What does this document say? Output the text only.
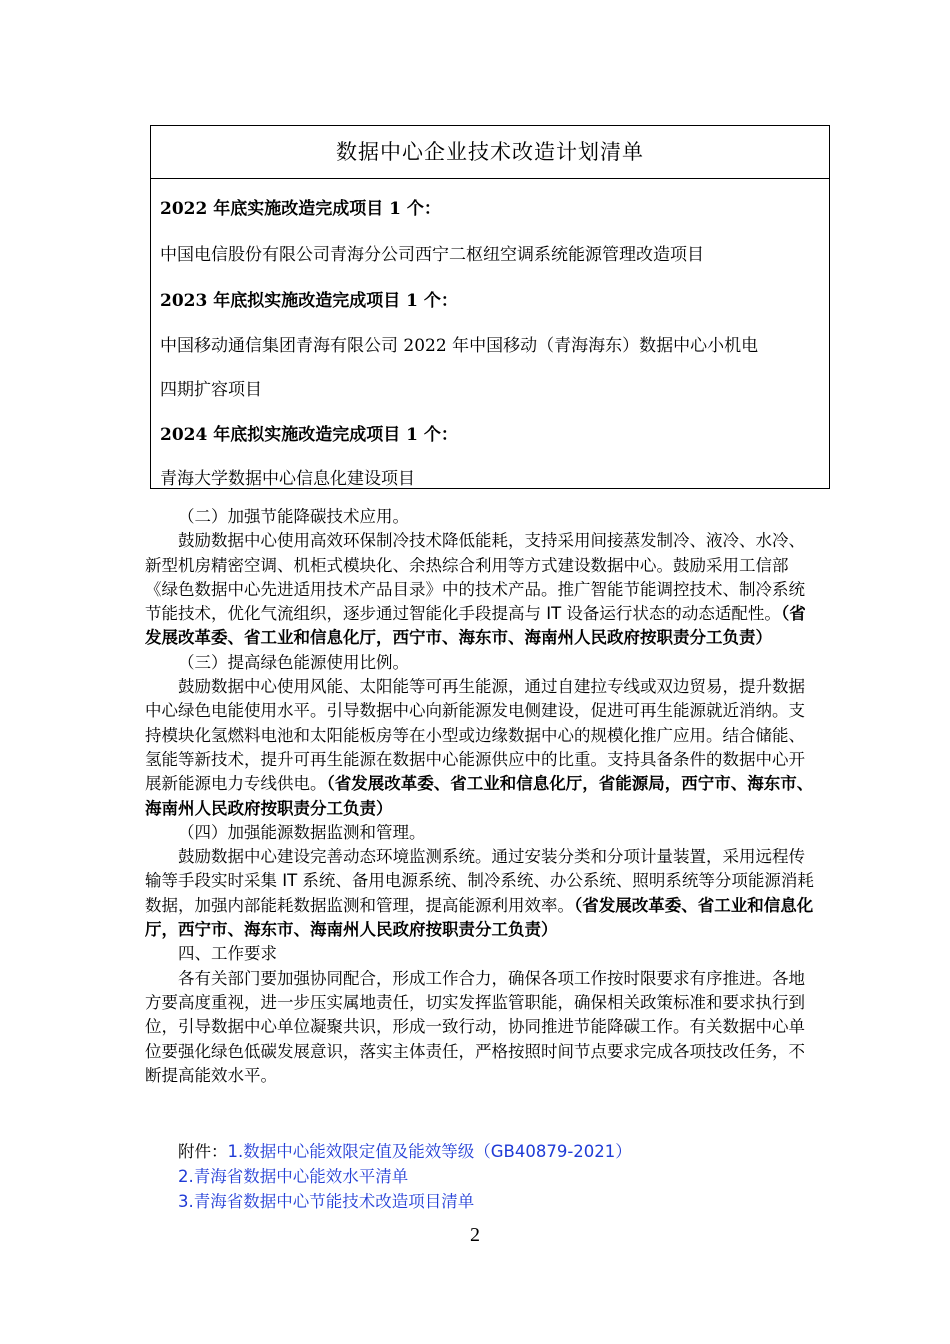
数据中心企业技术改造计划清单
2022 年底实施改造完成项目 1 个：
中国电信股份有限公司青海分公司西宁二枢纽空调系统能源管理改造项目
2023 年底拟实施改造完成项目 1 个：
中国移动通信集团青海有限公司 2022 年中国移动（青海海东）数据中心小机电
四期扩容项目
2024 年底拟实施改造完成项目 1 个：
青海大学数据中心信息化建设项目

（二）加强节能降碳技术应用。

鼓励数据中心使用高效环保制冷技术降低能耗，支持采用间接蒸发制冷、液冷、水冷、新型机房精密空调、机柜式模块化、余热综合利用等方式建设数据中心。鼓励采用工信部《绿色数据中心先进适用技术产品目录》中的技术产品。推广智能节能调控技术、制冷系统节能技术，优化气流组织，逐步通过智能化手段提高与 IT 设备运行状态的动态适配性。（省发展改革委、省工业和信息化厅，西宁市、海东市、海南州人民政府按职责分工负责）

（三）提高绿色能源使用比例。

鼓励数据中心使用风能、太阳能等可再生能源，通过自建拉专线或双边贸易，提升数据中心绿色电能使用水平。引导数据中心向新能源发电侧建设，促进可再生能源就近消纳。支持模块化氢燃料电池和太阳能板房等在小型或边缘数据中心的规模化推广应用。结合储能、氢能等新技术，提升可再生能源在数据中心能源供应中的比重。支持具备条件的数据中心开展新能源电力专线供电。（省发展改革委、省工业和信息化厅，省能源局，西宁市、海东市、海南州人民政府按职责分工负责）

（四）加强能源数据监测和管理。

鼓励数据中心建设完善动态环境监测系统。通过安装分类和分项计量装置，采用远程传输等手段实时采集 IT 系统、备用电源系统、制冷系统、办公系统、照明系统等分项能源消耗数据，加强内部能耗数据监测和管理，提高能源利用效率。（省发展改革委、省工业和信息化厅，西宁市、海东市、海南州人民政府按职责分工负责）

四、工作要求

各有关部门要加强协同配合，形成工作合力，确保各项工作按时限要求有序推进。各地方要高度重视，进一步压实属地责任，切实发挥监管职能，确保相关政策标准和要求执行到位，引导数据中心单位凝聚共识，形成一致行动，协同推进节能降碳工作。有关数据中心单位要强化绿色低碳发展意识，落实主体责任，严格按照时间节点要求完成各项技改任务，不断提高能效水平。

附件：1.数据中心能效限定值及能效等级（GB40879-2021）
2.青海省数据中心能效水平清单
3.青海省数据中心节能技术改造项目清单
2
